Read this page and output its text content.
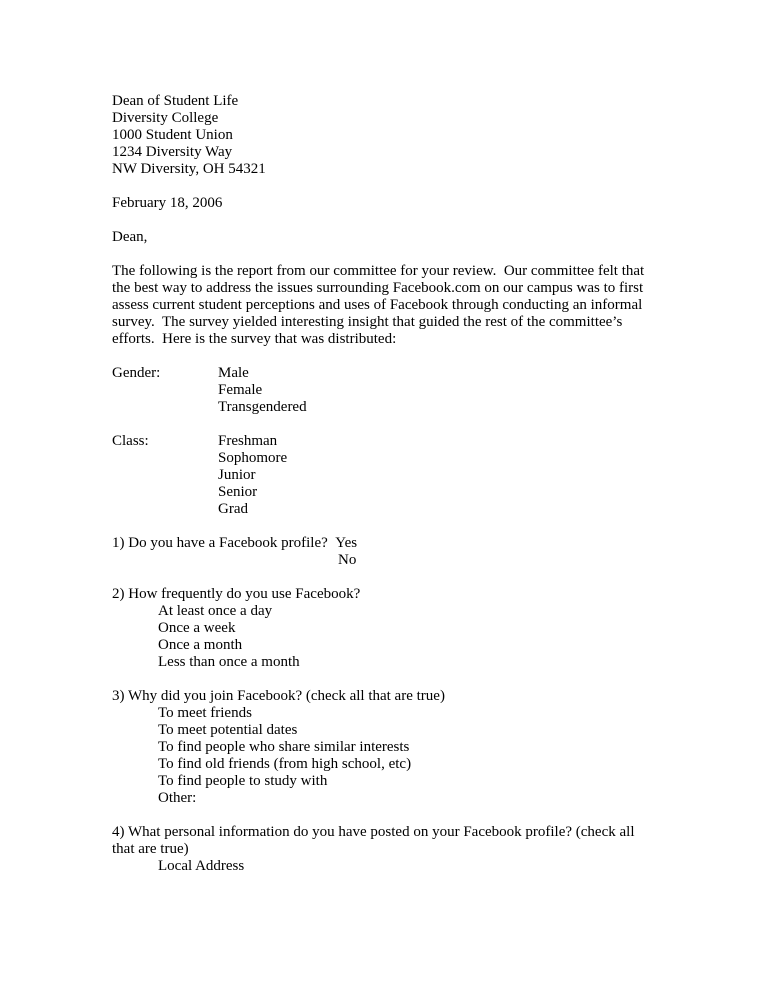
Dean of Student Life
Diversity College
1000 Student Union
1234 Diversity Way
NW Diversity, OH 54321
February 18, 2006
Dean,
The following is the report from our committee for your review.  Our committee felt that
the best way to address the issues surrounding Facebook.com on our campus was to first
assess current student perceptions and uses of Facebook through conducting an informal
survey.  The survey yielded interesting insight that guided the rest of the committee’s
efforts.  Here is the survey that was distributed:
Gender:	Male
Female
Transgendered
Class:	Freshman
Sophomore
Junior
Senior
Grad
1) Do you have a Facebook profile?
Yes
No
2) How frequently do you use Facebook?
At least once a day
Once a week
Once a month
Less than once a month
3) Why did you join Facebook? (check all that are true)
To meet friends
To meet potential dates
To find people who share similar interests
To find old friends (from high school, etc)
To find people to study with
Other:
4) What personal information do you have posted on your Facebook profile? (check all
that are true)
Local Address
